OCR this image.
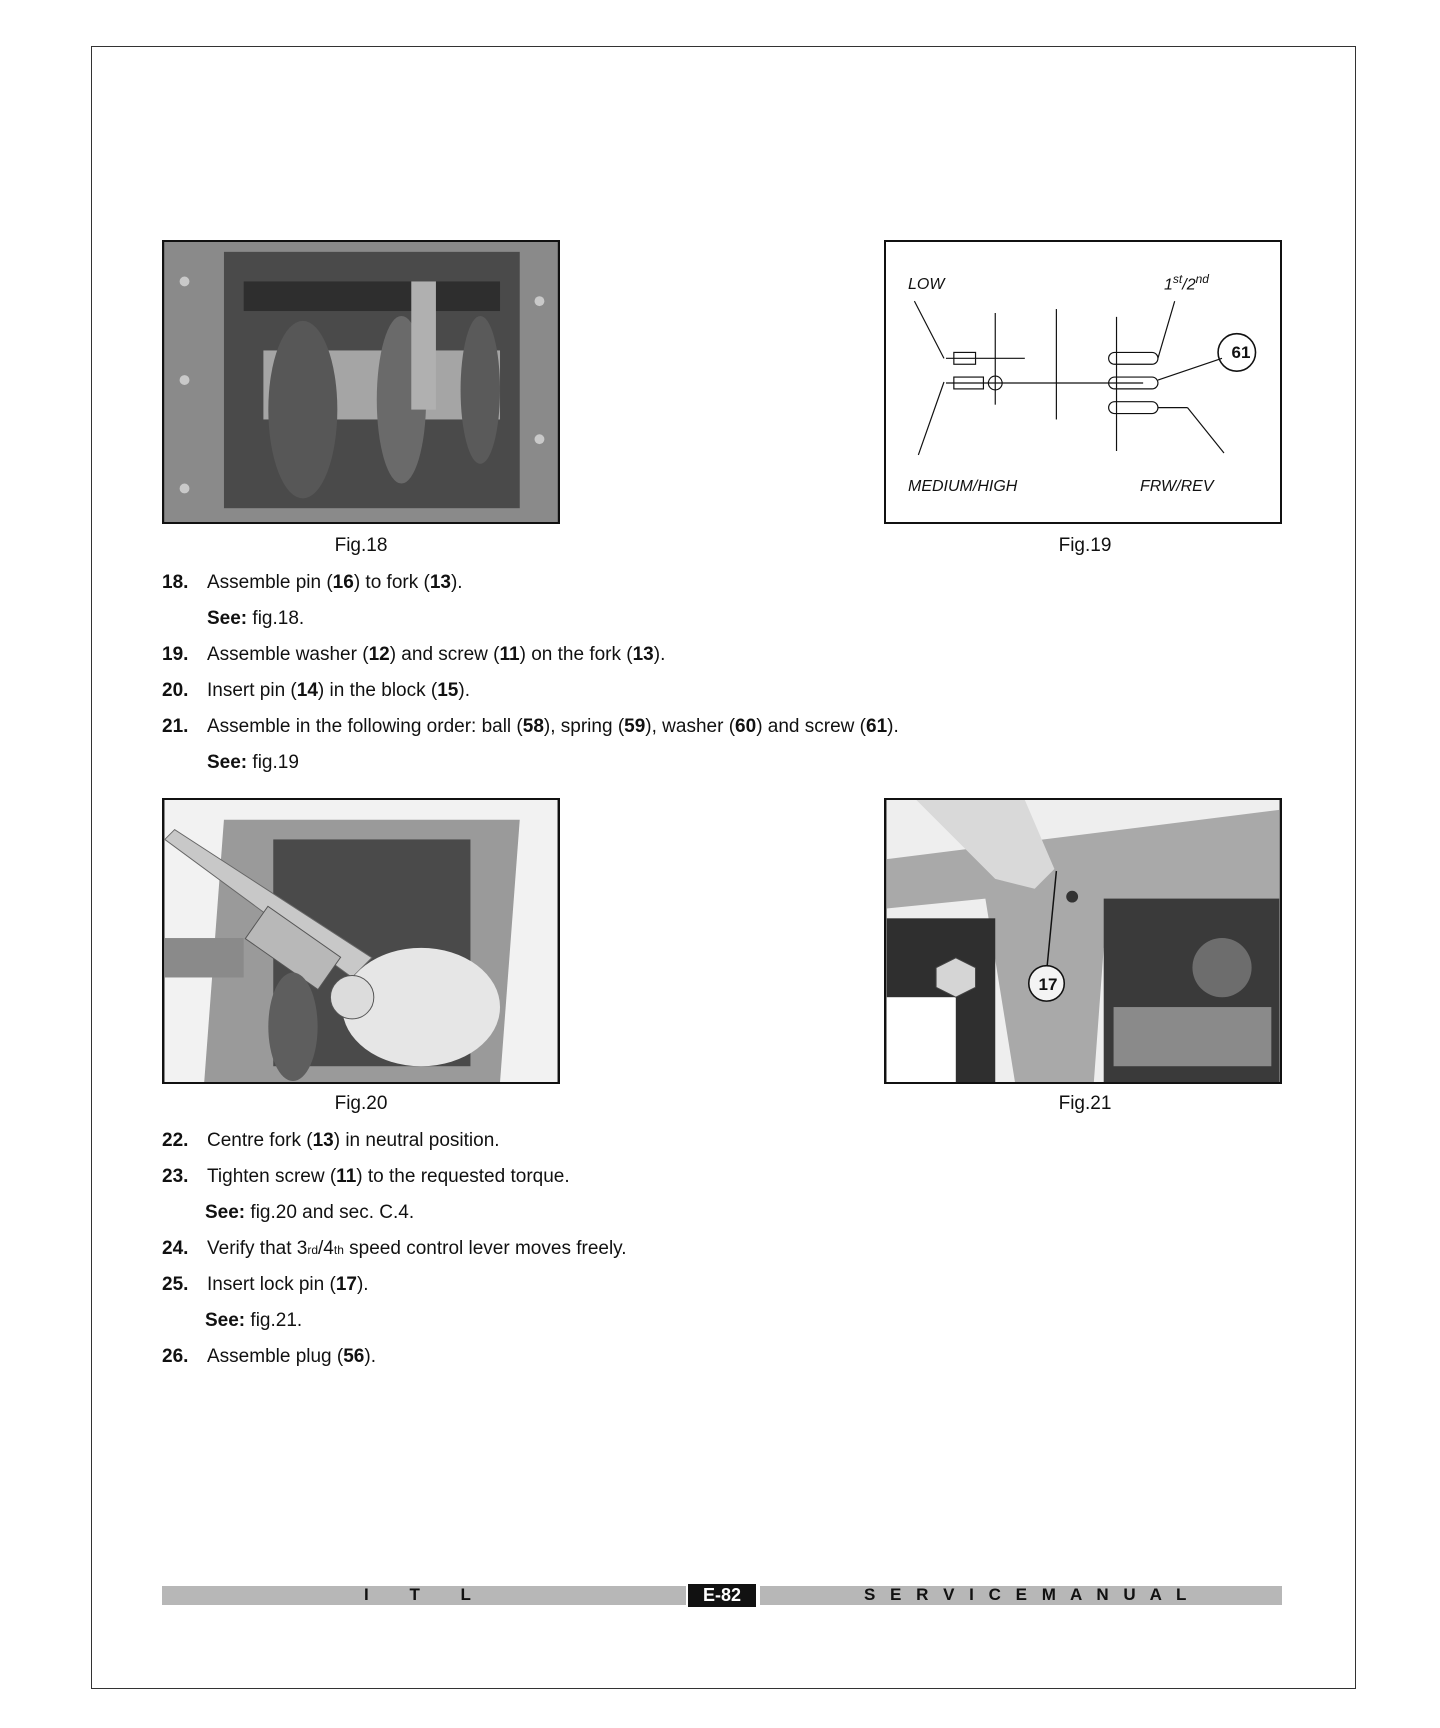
Fig.18
LOW	1st/2nd
MEDIUM/HIGH	FRW/REV
61
Fig.19
18. Assemble pin (16) to fork (13).
See: fig.18.
19. Assemble washer (12) and screw (11) on the fork (13).
20. Insert pin (14) in the block (15).
21. Assemble in the following order: ball (58), spring (59), washer (60) and screw (61).
See: fig.19
Fig.20
17
Fig.21
22. Centre fork (13) in neutral position.
23. Tighten screw (11) to the requested torque.
See: fig.20 and sec. C.4.
24. Verify that 3rd/4th speed control lever moves freely.
25. Insert lock pin (17).
See: fig.21.
26. Assemble plug (56).
I T L	E-82	S E R V I C E M A N U A L
